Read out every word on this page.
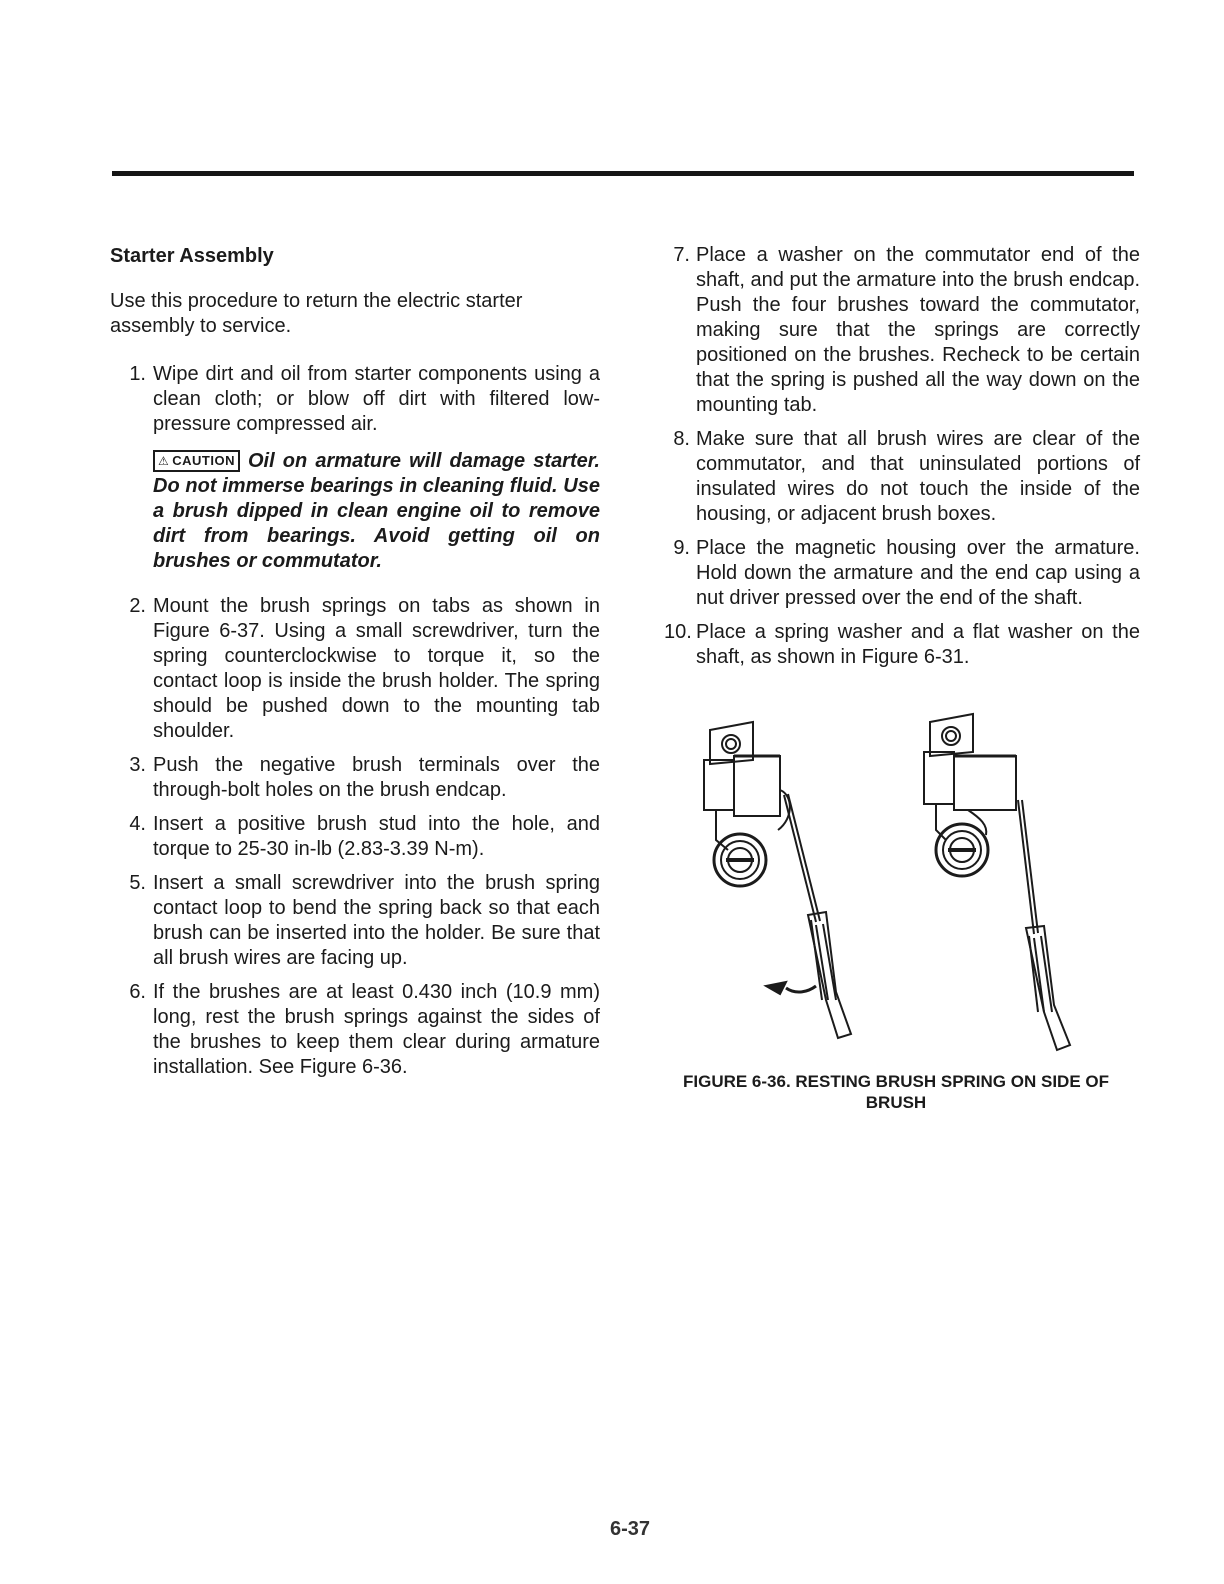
Starter Assembly
Use this procedure to return the electric starter assembly to service.
1. Wipe dirt and oil from starter components using a clean cloth; or blow off dirt with filtered low-pressure compressed air.
⚠ CAUTION Oil on armature will damage starter. Do not immerse bearings in cleaning fluid. Use a brush dipped in clean engine oil to remove dirt from bearings. Avoid getting oil on brushes or commutator.
2. Mount the brush springs on tabs as shown in Figure 6-37. Using a small screwdriver, turn the spring counterclockwise to torque it, so the contact loop is inside the brush holder. The spring should be pushed down to the mounting tab shoulder.
3. Push the negative brush terminals over the through-bolt holes on the brush endcap.
4. Insert a positive brush stud into the hole, and torque to 25-30 in-lb (2.83-3.39 N-m).
5. Insert a small screwdriver into the brush spring contact loop to bend the spring back so that each brush can be inserted into the holder. Be sure that all brush wires are facing up.
6. If the brushes are at least 0.430 inch (10.9 mm) long, rest the brush springs against the sides of the brushes to keep them clear during armature installation. See Figure 6-36.
7. Place a washer on the commutator end of the shaft, and put the armature into the brush endcap. Push the four brushes toward the commutator, making sure that the springs are correctly positioned on the brushes. Recheck to be certain that the spring is pushed all the way down on the mounting tab.
8. Make sure that all brush wires are clear of the commutator, and that uninsulated portions of insulated wires do not touch the inside of the housing, or adjacent brush boxes.
9. Place the magnetic housing over the armature. Hold down the armature and the end cap using a nut driver pressed over the end of the shaft.
10. Place a spring washer and a flat washer on the shaft, as shown in Figure 6-31.
FIGURE 6-36. RESTING BRUSH SPRING ON SIDE OF BRUSH
6-37
